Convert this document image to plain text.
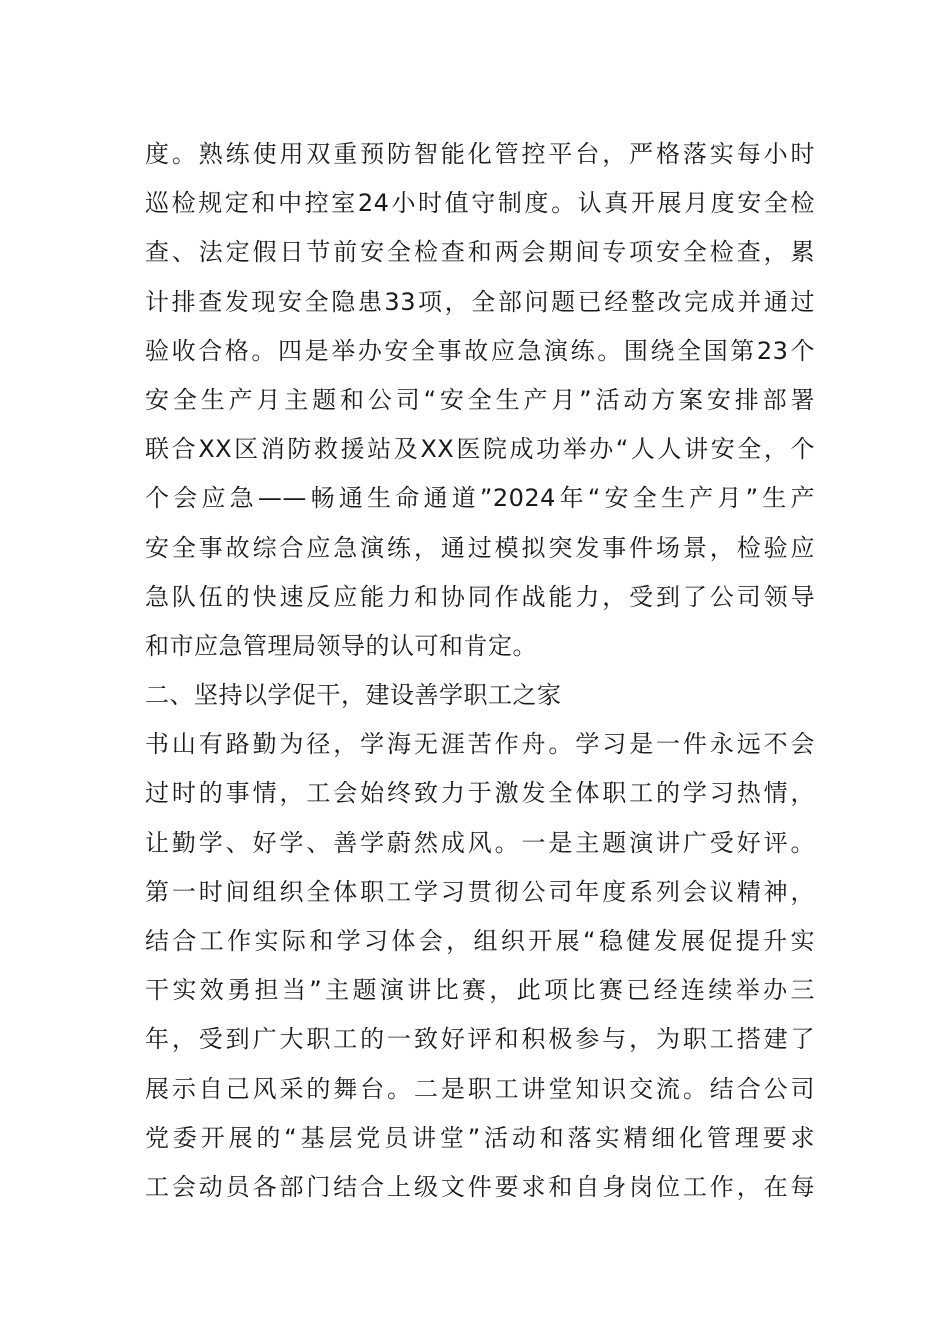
度。熟练使用双重预防智能化管控平台，严格落实每小时
巡检规定和中控室24小时值守制度。认真开展月度安全检
查、法定假日节前安全检查和两会期间专项安全检查，累
计排查发现安全隐患33项，全部问题已经整改完成并通过
验收合格。四是举办安全事故应急演练。围绕全国第23个
安全生产月主题和公司“安全生产月”活动方案安排部署
联合XX区消防救援站及XX医院成功举办“人人讲安全，个
个会应急——畅通生命通道”2024年“安全生产月”生产
安全事故综合应急演练，通过模拟突发事件场景，检验应
急队伍的快速反应能力和协同作战能力，受到了公司领导
和市应急管理局领导的认可和肯定。
二、坚持以学促干，建设善学职工之家
书山有路勤为径，学海无涯苦作舟。学习是一件永远不会
过时的事情，工会始终致力于激发全体职工的学习热情，
让勤学、好学、善学蔚然成风。一是主题演讲广受好评。
第一时间组织全体职工学习贯彻公司年度系列会议精神，
结合工作实际和学习体会，组织开展“稳健发展促提升实
干实效勇担当”主题演讲比赛，此项比赛已经连续举办三
年，受到广大职工的一致好评和积极参与，为职工搭建了
展示自己风采的舞台。二是职工讲堂知识交流。结合公司
党委开展的“基层党员讲堂”活动和落实精细化管理要求
工会动员各部门结合上级文件要求和自身岗位工作，在每
